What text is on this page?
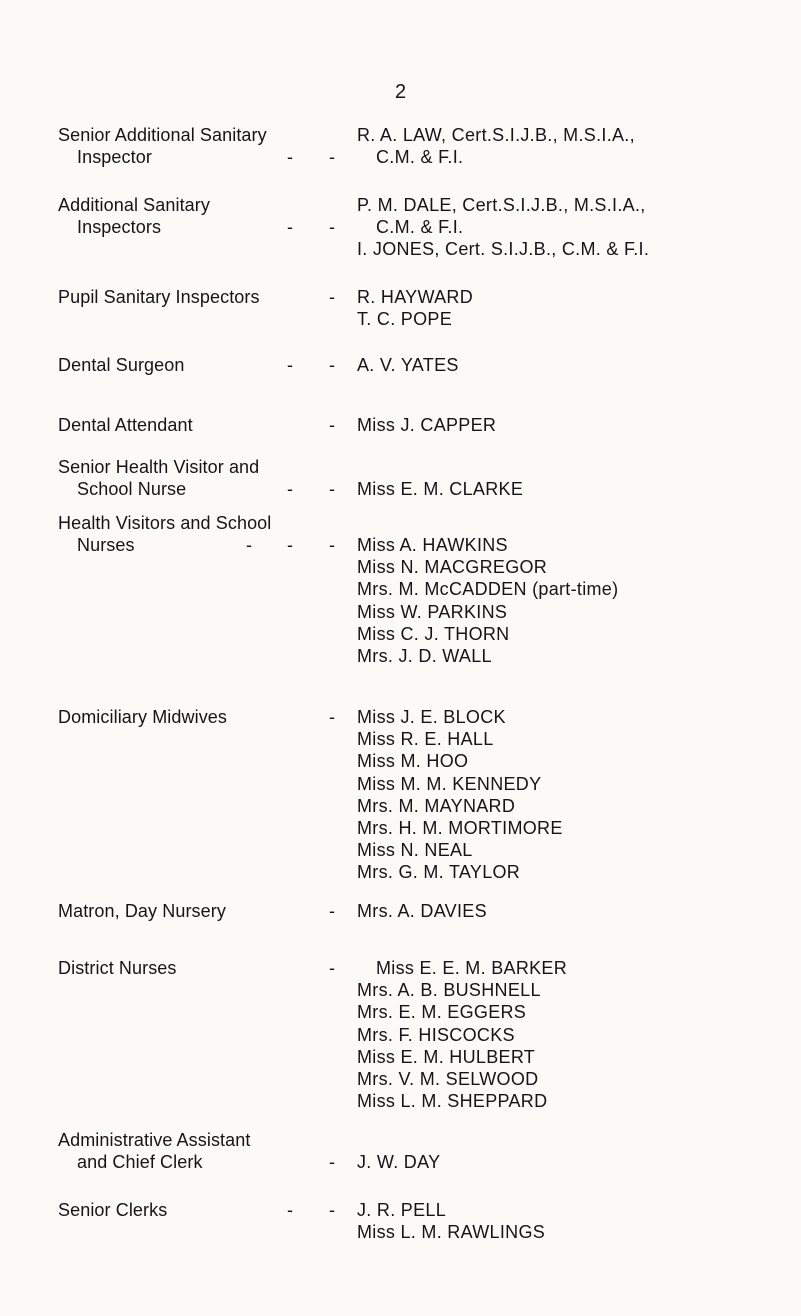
2
Senior Additional Sanitary
Inspector	- -
R. A. LAW, Cert.S.I.J.B., M.S.I.A.,
C.M. & F.I.
Additional Sanitary
Inspectors	- -
P. M. DALE, Cert.S.I.J.B., M.S.I.A.,
C.M. & F.I.
I. JONES, Cert. S.I.J.B., C.M. & F.I.
Pupil Sanitary Inspectors	- R. HAYWARD
T. C. POPE
Dental Surgeon	- - A. V. YATES
Dental Attendant	- Miss J. CAPPER
Senior Health Visitor and
School Nurse	- - Miss E. M. CLARKE
Health Visitors and School
Nurses	- - - Miss A. HAWKINS
Miss N. MACGREGOR
Mrs. M. McCADDEN (part-time)
Miss W. PARKINS
Miss C. J. THORN
Mrs. J. D. WALL
Domiciliary Midwives	- Miss J. E. BLOCK
Miss R. E. HALL
Miss M. HOO
Miss M. M. KENNEDY
Mrs. M. MAYNARD
Mrs. H. M. MORTIMORE
Miss N. NEAL
Mrs. G. M. TAYLOR
Matron, Day Nursery	- Mrs. A. DAVIES
District Nurses	-	Miss E. E. M. BARKER
Mrs. A. B. BUSHNELL
Mrs. E. M. EGGERS
Mrs. F. HISCOCKS
Miss E. M. HULBERT
Mrs. V. M. SELWOOD
Miss L. M. SHEPPARD
Administrative Assistant
and Chief Clerk	- J. W. DAY
Senior Clerks	- - J. R. PELL
Miss L. M. RAWLINGS
